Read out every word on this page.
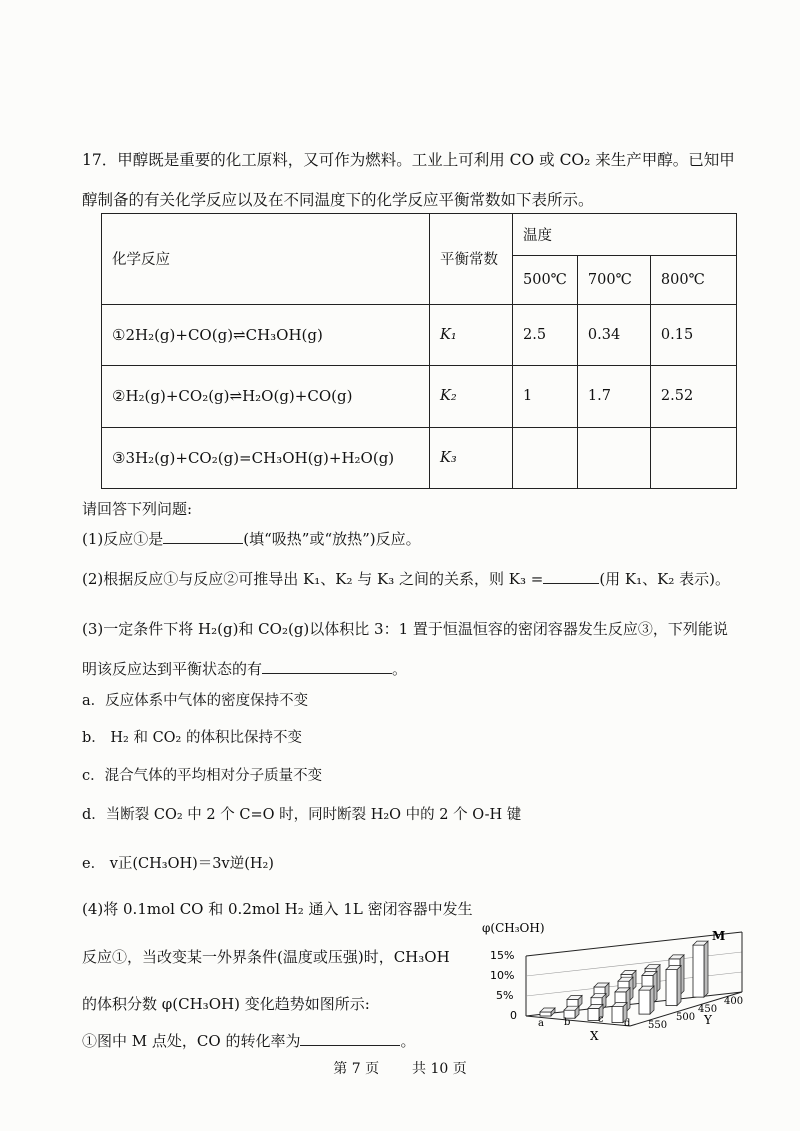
17．甲醇既是重要的化工原料，又可作为燃料。工业上可利用 CO 或 CO₂ 来生产甲醇。已知甲
醇制备的有关化学反应以及在不同温度下的化学反应平衡常数如下表所示。
化学反应	平衡常数	温度		
		500℃	700℃	800℃
①2H₂(g)+CO(g)⇌CH₃OH(g)	K₁	2.5	0.34	0.15
②H₂(g)+CO₂(g)⇌H₂O(g)+CO(g)	K₂	1	1.7	2.52
③3H₂(g)+CO₂(g)=CH₃OH(g)+H₂O(g)	K₃			
请回答下列问题:
(1)反应①是	(填“吸热”或“放热”)反应。
(2)根据反应①与反应②可推导出 K₁、K₂ 与 K₃ 之间的关系，则 K₃ =	(用 K₁、K₂ 表示)。
(3)一定条件下将 H₂(g)和 CO₂(g)以体积比 3：1 置于恒温恒容的密闭容器发生反应③，下列能说
明该反应达到平衡状态的有	。
a．反应体系中气体的密度保持不变
b． H₂ 和 CO₂ 的体积比保持不变
c．混合气体的平均相对分子质量不变
d．当断裂 CO₂ 中 2 个 C=O 时，同时断裂 H₂O 中的 2 个 O-H 键
e． v正(CH₃OH)＝3v逆(H₂)
(4)将 0.1mol CO 和 0.2mol H₂ 通入 1L 密闭容器中发生
反应①，当改变某一外界条件(温度或压强)时，CH₃OH
的体积分数 φ(CH₃OH) 变化趋势如图所示:
①图中 M 点处，CO 的转化率为	。
φ(CH₃OH)
15%
10%
5%
0
M
a b	c d
X
550
500
450
400
Y
第 7 页 共 10 页
